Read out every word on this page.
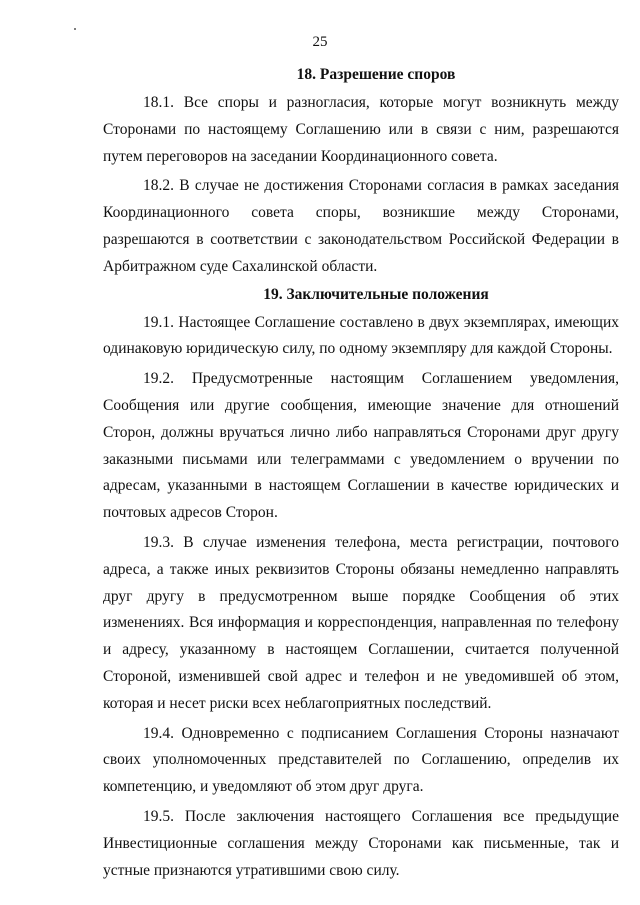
25
18. Разрешение споров

18.1. Все споры и разногласия, которые могут возникнуть между Сторонами по настоящему Соглашению или в связи с ним, разрешаются путем переговоров на заседании Координационного совета.

18.2. В случае не достижения Сторонами согласия в рамках заседания Координационного совета споры, возникшие между Сторонами, разрешаются в соответствии с законодательством Российской Федерации в Арбитражном суде Сахалинской области.

19. Заключительные положения

19.1. Настоящее Соглашение составлено в двух экземплярах, имеющих одинаковую юридическую силу, по одному экземпляру для каждой Стороны.

19.2. Предусмотренные настоящим Соглашением уведомления, Сообщения или другие сообщения, имеющие значение для отношений Сторон, должны вручаться лично либо направляться Сторонами друг другу заказными письмами или телеграммами с уведомлением о вручении по адресам, указанными в настоящем Соглашении в качестве юридических и почтовых адресов Сторон.

19.3. В случае изменения телефона, места регистрации, почтового адреса, а также иных реквизитов Стороны обязаны немедленно направлять друг другу в предусмотренном выше порядке Сообщения об этих изменениях. Вся информация и корреспонденция, направленная по телефону и адресу, указанному в настоящем Соглашении, считается полученной Стороной, изменившей свой адрес и телефон и не уведомившей об этом, которая и несет риски всех неблагоприятных последствий.

19.4. Одновременно с подписанием Соглашения Стороны назначают своих уполномоченных представителей по Соглашению, определив их компетенцию, и уведомляют об этом друг друга.

19.5. После заключения настоящего Соглашения все предыдущие Инвестиционные соглашения между Сторонами как письменные, так и устные признаются утратившими свою силу.
